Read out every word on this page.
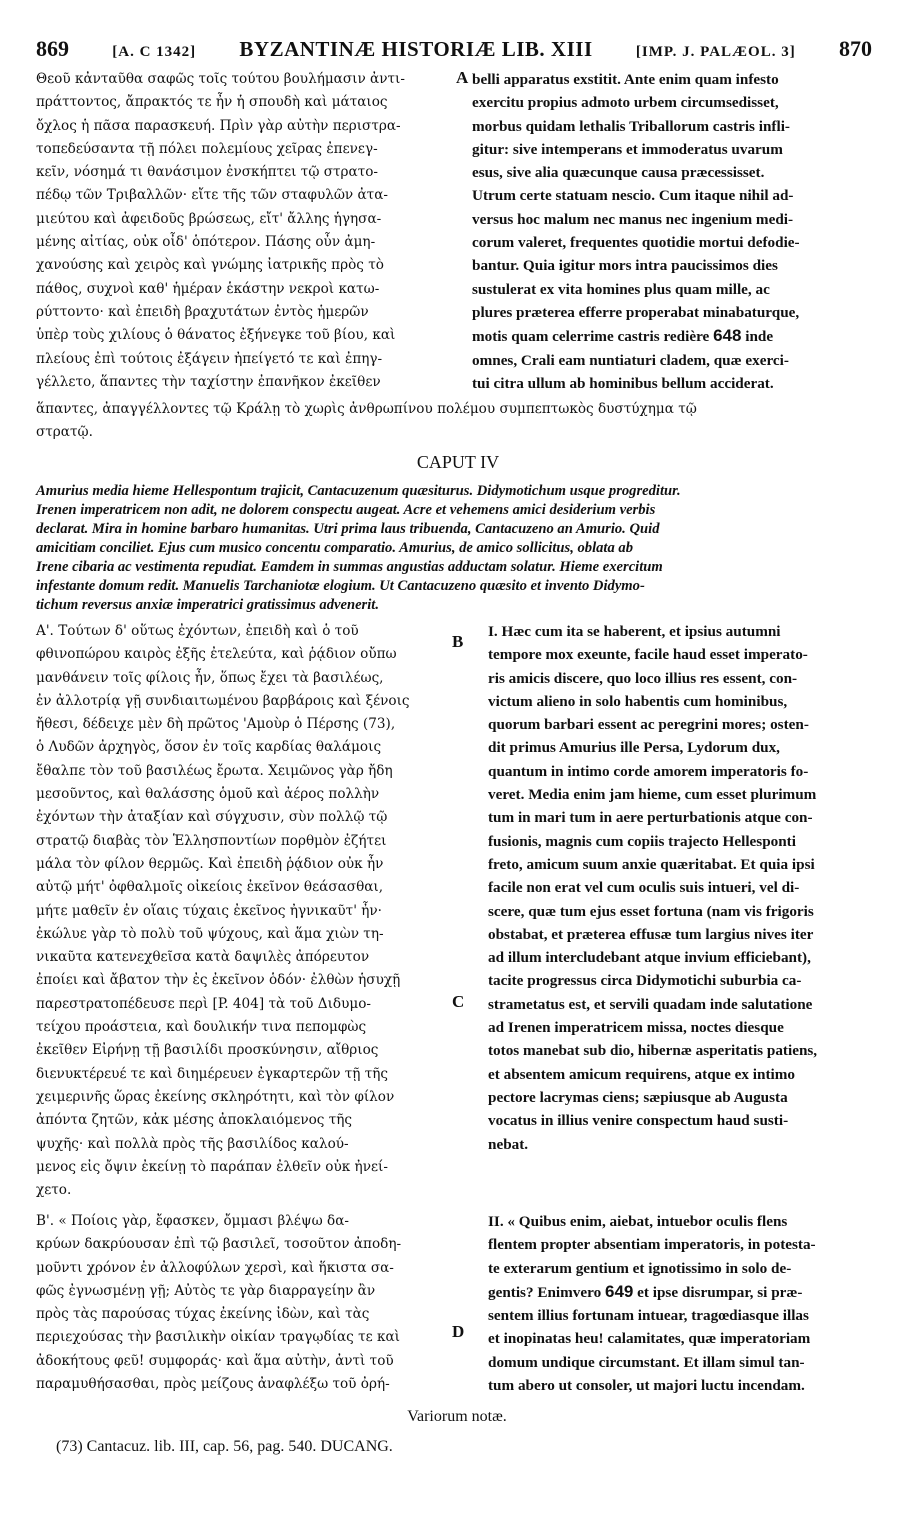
869	[A. C 1342] BYZANTINÆ HISTORIÆ LIB. XIII	[IMP. J. PALÆOL. 3] 870

Θεοῦ κἀνταῦθα σαφῶς τοῖς τούτου βουλήμασιν ἀντι-
πράττοντος, ἄπρακτός τε ἦν ἡ σπουδὴ καὶ μάταιος
ὄχλος ἡ πᾶσα παρασκευή. Πρὶν γὰρ αὐτὴν περιστρα-
τοπεδεύσαντα τῇ πόλει πολεμίους χεῖρας ἐπενεγ-
κεῖν, νόσημά τι θανάσιμον ἐνσκήπτει τῷ στρατο-
πέδῳ τῶν Τριβαλλῶν· εἴτε τῆς τῶν σταφυλῶν ἀτα-
μιεύτου καὶ ἀφειδοῦς βρώσεως, εἴτ' ἄλλης ἡγησα-
μένης αἰτίας, οὐκ οἶδ' ὁπότερον. Πάσης οὖν ἀμη-
χανούσης καὶ χειρὸς καὶ γνώμης ἰατρικῆς πρὸς τὸ
πάθος, συχνοὶ καθ' ἡμέραν ἑκάστην νεκροὶ κατω-
ρύττοντο· καὶ ἐπειδὴ βραχυτάτων ἐντὸς ἡμερῶν
ὑπὲρ τοὺς χιλίους ὁ θάνατος ἐξήνεγκε τοῦ βίου, καὶ
πλείους ἐπὶ τούτοις ἐξάγειν ἠπείγετό τε καὶ ἐπηγ-
γέλλετο, ἅπαντες τὴν ταχίστην ἐπανῆκον ἐκεῖθεν

A belli apparatus exstitit. Ante enim quam infesto
exercitu propius admoto urbem circumsedisset,
morbus quidam lethalis Triballorum castris infli-
gitur: sive intemperans et immoderatus uvarum
esus, sive alia quæcunque causa præcessisset.
Utrum certe statuam nescio. Cum itaque nihil ad-
versus hoc malum nec manus nec ingenium medi-
corum valeret, frequentes quotidie mortui defodie-
bantur. Quia igitur mors intra paucissimos dies
sustulerat ex vita homines plus quam mille, ac
plures præterea efferre properabat minabaturque,
motis quam celerrime castris redière 648 inde
omnes, Crali eam nuntiaturi cladem, quæ exerci-
tui citra ullum ab hominibus bellum acciderat.

ἅπαντες, ἀπαγγέλλοντες τῷ Κράλῃ τὸ χωρὶς ἀνθρωπίνου πολέμου συμπεπτωκὸς δυστύχημα τῷ
στρατῷ.

CAPUT IV

Amurius media hieme Hellespontum trajicit, Cantacuzenum quæsiturus. Didymotichum usque progreditur.
Irenen imperatricem non adit, ne dolorem conspectu augeat. Acre et vehemens amici desiderium verbis
declarat. Mira in homine barbaro humanitas. Utri prima laus tribuenda, Cantacuzeno an Amurio. Quid
amicitiam conciliet. Ejus cum musico concentu comparatio. Amurius, de amico sollicitus, oblata ab
Irene cibaria ac vestimenta repudiat. Eamdem in summas angustias adductam solatur. Hieme exercitum
infestante domum redit. Manuelis Tarchaniotæ elogium. Ut Cantacuzeno quæsito et invento Didymo-
tichum reversus anxiæ imperatrici gratissimus advenerit.

Α'. Τούτων δ' οὕτως ἐχόντων, ἐπειδὴ καὶ ὁ τοῦ
φθινοπώρου καιρὸς ἐξῆς ἐτελεύτα, καὶ ῥᾴδιον οὔπω
μανθάνειν τοῖς φίλοις ἦν, ὅπως ἔχει τὰ βασιλέως,
ἐν ἀλλοτρίᾳ γῇ συνδιαιτωμένου βαρβάροις καὶ ξένοις
ἤθεσι, δέδειχε μὲν δὴ πρῶτος 'Αμοὺρ ὁ Πέρσης (73),
ὁ Λυδῶν ἀρχηγὸς, ὅσον ἐν τοῖς καρδίας θαλάμοις
ἔθαλπε τὸν τοῦ βασιλέως ἔρωτα. Χειμῶνος γὰρ ἤδη
μεσοῦντος, καὶ θαλάσσης ὁμοῦ καὶ ἀέρος πολλὴν
ἐχόντων τὴν ἀταξίαν καὶ σύγχυσιν, σὺν πολλῷ τῷ
στρατῷ διαβὰς τὸν Ἑλλησποντίων πορθμὸν ἐζήτει
μάλα τὸν φίλον θερμῶς. Καὶ ἐπειδὴ ῥᾴδιον οὐκ ἦν
αὐτῷ μήτ' ὀφθαλμοῖς οἰκείοις ἐκεῖνον θεάσασθαι,
μήτε μαθεῖν ἐν οἵαις τύχαις ἐκεῖνος ἠγνικαῦτ' ἦν·
ἐκώλυε γὰρ τὸ πολὺ τοῦ ψύχους, καὶ ἅμα χιὼν τη-
νικαῦτα κατενεχθεῖσα κατὰ δαψιλὲς ἀπόρευτον
ἐποίει καὶ ἄβατον τὴν ἐς ἐκεῖνον ὁδόν· ἐλθὼν ἡσυχῇ
παρεστρατοπέδευσε περὶ [P. 404] τὰ τοῦ Διδυμο-
τείχου προάστεια, καὶ δουλικήν τινα πεπομφὼς
ἐκεῖθεν Εἰρήνῃ τῇ βασιλίδι προσκύνησιν, αἴθριος
διενυκτέρευέ τε καὶ διημέρευεν ἐγκαρτερῶν τῇ τῆς
χειμερινῆς ὥρας ἐκείνης σκληρότητι, καὶ τὸν φίλον
ἀπόντα ζητῶν, κἀκ μέσης ἀποκλαιόμενος τῆς
ψυχῆς· καὶ πολλὰ πρὸς τῆς βασιλίδος καλού-
μενος εἰς ὄψιν ἐκείνῃ τὸ παράπαν ἐλθεῖν οὐκ ἠνεί-
χετο.

B
C

I. Hæc cum ita se haberent, et ipsius autumni
tempore mox exeunte, facile haud esset imperato-
ris amicis discere, quo loco illius res essent, con-
victum alieno in solo habentis cum hominibus,
quorum barbari essent ac peregrini mores; osten-
dit primus Amurius ille Persa, Lydorum dux,
quantum in intimo corde amorem imperatoris fo-
veret. Media enim jam hieme, cum esset plurimum
tum in mari tum in aere perturbationis atque con-
fusionis, magnis cum copiis trajecto Hellesponti
freto, amicum suum anxie quæritabat. Et quia ipsi
facile non erat vel cum oculis suis intueri, vel di-
scere, quæ tum ejus esset fortuna (nam vis frigoris
obstabat, et præterea effusæ tum largius nives iter
ad illum intercludebant atque invium efficiebant),
tacite progressus circa Didymotichi suburbia ca-
strametatus est, et servili quadam inde salutatione
ad Irenen imperatricem missa, noctes diesque
totos manebat sub dio, hibernæ asperitatis patiens,
et absentem amicum requirens, atque ex intimo
pectore lacrymas ciens; sæpiusque ab Augusta
vocatus in illius venire conspectum haud susti-
nebat.

Β'. « Ποίοις γὰρ, ἔφασκεν, ὄμμασι βλέψω δα-
κρύων δακρύουσαν ἐπὶ τῷ βασιλεῖ, τοσοῦτον ἀποδη-
μοῦντι χρόνον ἐν ἀλλοφύλων χερσὶ, καὶ ἥκιστα σα-
φῶς ἐγνωσμένῃ γῇ; Αὐτὸς τε γὰρ διαρραγείην ἂν
πρὸς τὰς παρούσας τύχας ἐκείνης ἰδὼν, καὶ τὰς
περιεχούσας τὴν βασιλικὴν οἰκίαν τραγῳδίας τε καὶ
ἀδοκήτους φεῦ! συμφοράς· καὶ ἅμα αὐτὴν, ἀντὶ τοῦ
παραμυθήσασθαι, πρὸς μείζους ἀναφλέξω τοῦ ὀρή-

D

II. « Quibus enim, aiebat, intuebor oculis flens
flentem propter absentiam imperatoris, in potesta-
te exterarum gentium et ignotissimo in solo de-
gentis? Enimvero 649 et ipse disrumpar, si præ-
sentem illius fortunam intuear, tragœdiasque illas
et inopinatas heu! calamitates, quæ imperatoriam
domum undique circumstant. Et illam simul tan-
tum abero ut consoler, ut majori luctu incendam.

Variorum notæ.
(73) Cantacuz. lib. III, cap. 56, pag. 540. DUCANG.
